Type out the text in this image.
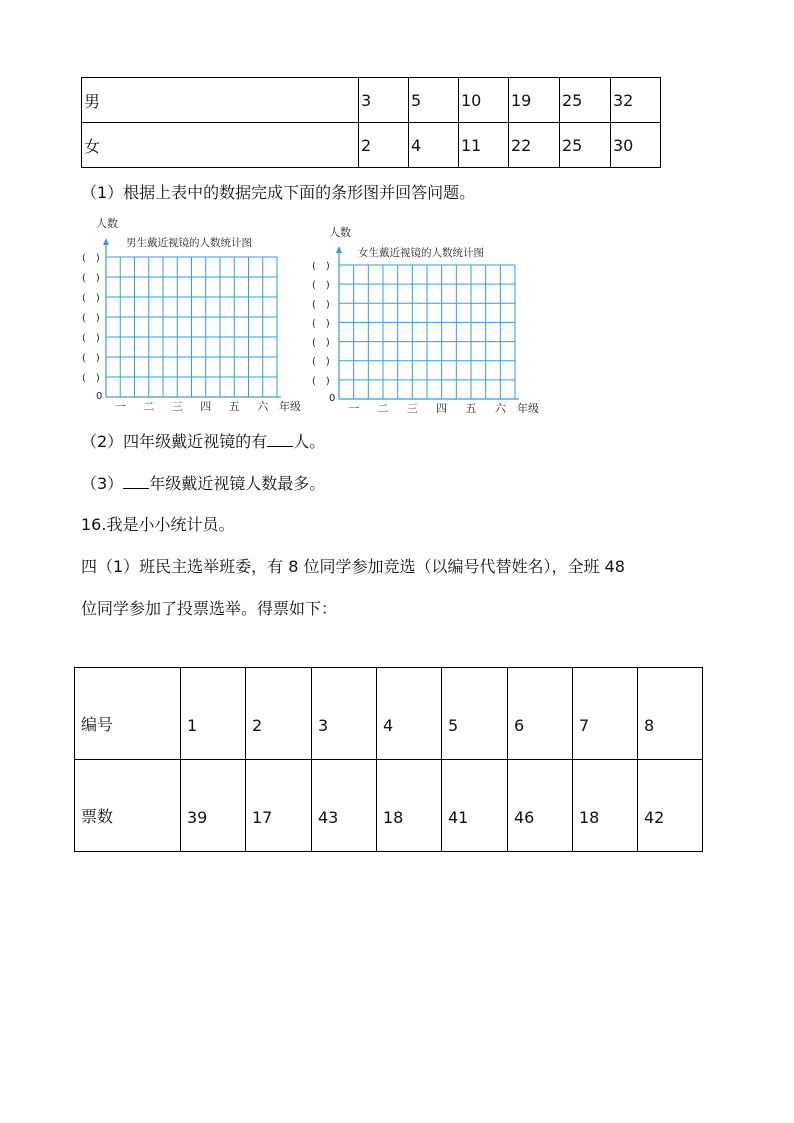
男	3	5	10	19	25	32
女	2	4	11	22	25	30
（1）根据上表中的数据完成下面的条形图并回答问题。
男生戴近视镜的人数统计图
人数
0
(　)
(　)
(　)
(　)
(　)
(　)
(　)
一 二 三 四 五 六 年级
女生戴近视镜的人数统计图
人数
0
(　)
(　)
(　)
(　)
(　)
(　)
(　)
一 二 三 四 五 六 年级
（2）四年级戴近视镜的有 人。
（3） 年级戴近视镜人数最多。
16.我是小小统计员。
四（1）班民主选举班委，有 8 位同学参加竞选（以编号代替姓名），全班 48
位同学参加了投票选举。得票如下：
编号	1	2	3	4	5	6	7	8
票数	39	17	43	18	41	46	18	42
